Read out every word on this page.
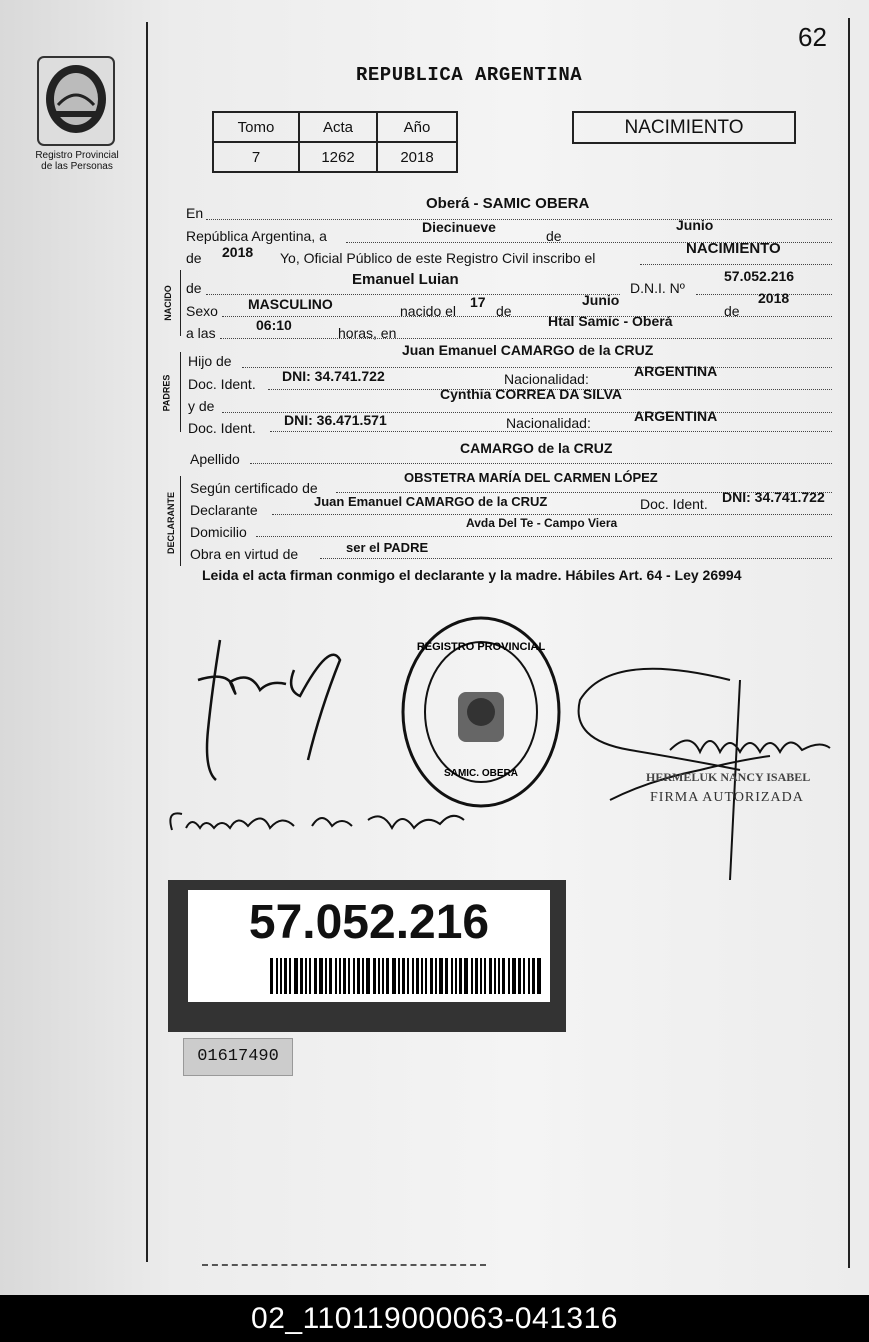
62
Registro Provincial
de las Personas
REPUBLICA ARGENTINA
Tomo	Acta	Año
7	1262	2018
NACIMIENTO
En
Oberá - SAMIC OBERA
República Argentina, a
Diecinueve
de
Junio
de 2018 Yo, Oficial Público de este Registro Civil inscribo el
NACIMIENTO
NACIDO de	Emanuel Luian	D.N.I. Nº
57.052.216
Sexo MASCULINO	nacido el
17
de
Junio
de
2018
a las	06:10	horas, en
Htal Samic - Oberá
PADRES
Hijo de
Juan Emanuel CAMARGO de la CRUZ
Doc. Ident. DNI: 34.741.722	Nacionalidad:	ARGENTINA
y de
Cynthia CORREA DA SILVA
Doc. Ident. DNI: 36.471.571	Nacionalidad:	ARGENTINA
Apellido
CAMARGO de la CRUZ
DECLARANTE
Según certificado de
OBSTETRA MARÍA DEL CARMEN LÓPEZ
Declarante
Juan Emanuel CAMARGO de la CRUZ	Doc. Ident. DNI: 34.741.722
Domicilio
Avda Del Te - Campo Viera
Obra en virtud de	ser el PADRE
Leida el acta firman conmigo el declarante y la madre. Hábiles Art. 64 - Ley 26994
REGISTRO PROVINCIAL
SAMIC. OBERA	HERMELUK NANCY ISABEL
FIRMA AUTORIZADA
57.052.216
01617490
02_110119000063-041316
